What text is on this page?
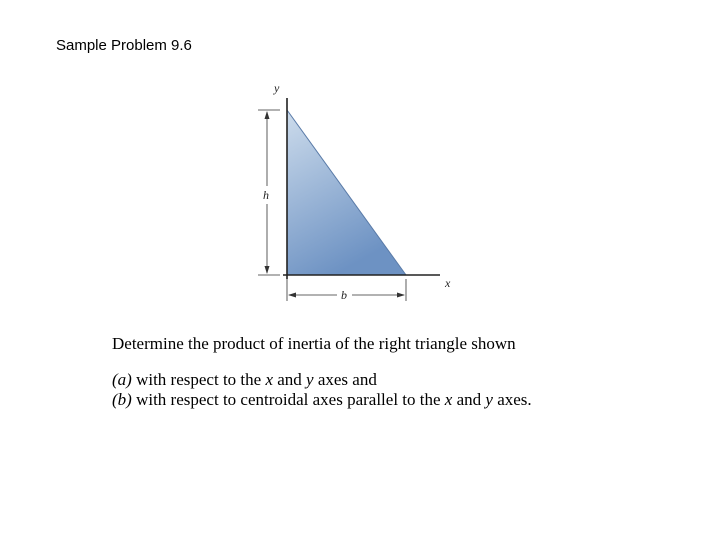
Sample Problem 9.6
y
x
h
b

Determine the product of inertia of the right triangle shown

(a) with respect to the x and y axes and

(b) with respect to centroidal axes parallel to the x and y axes.
